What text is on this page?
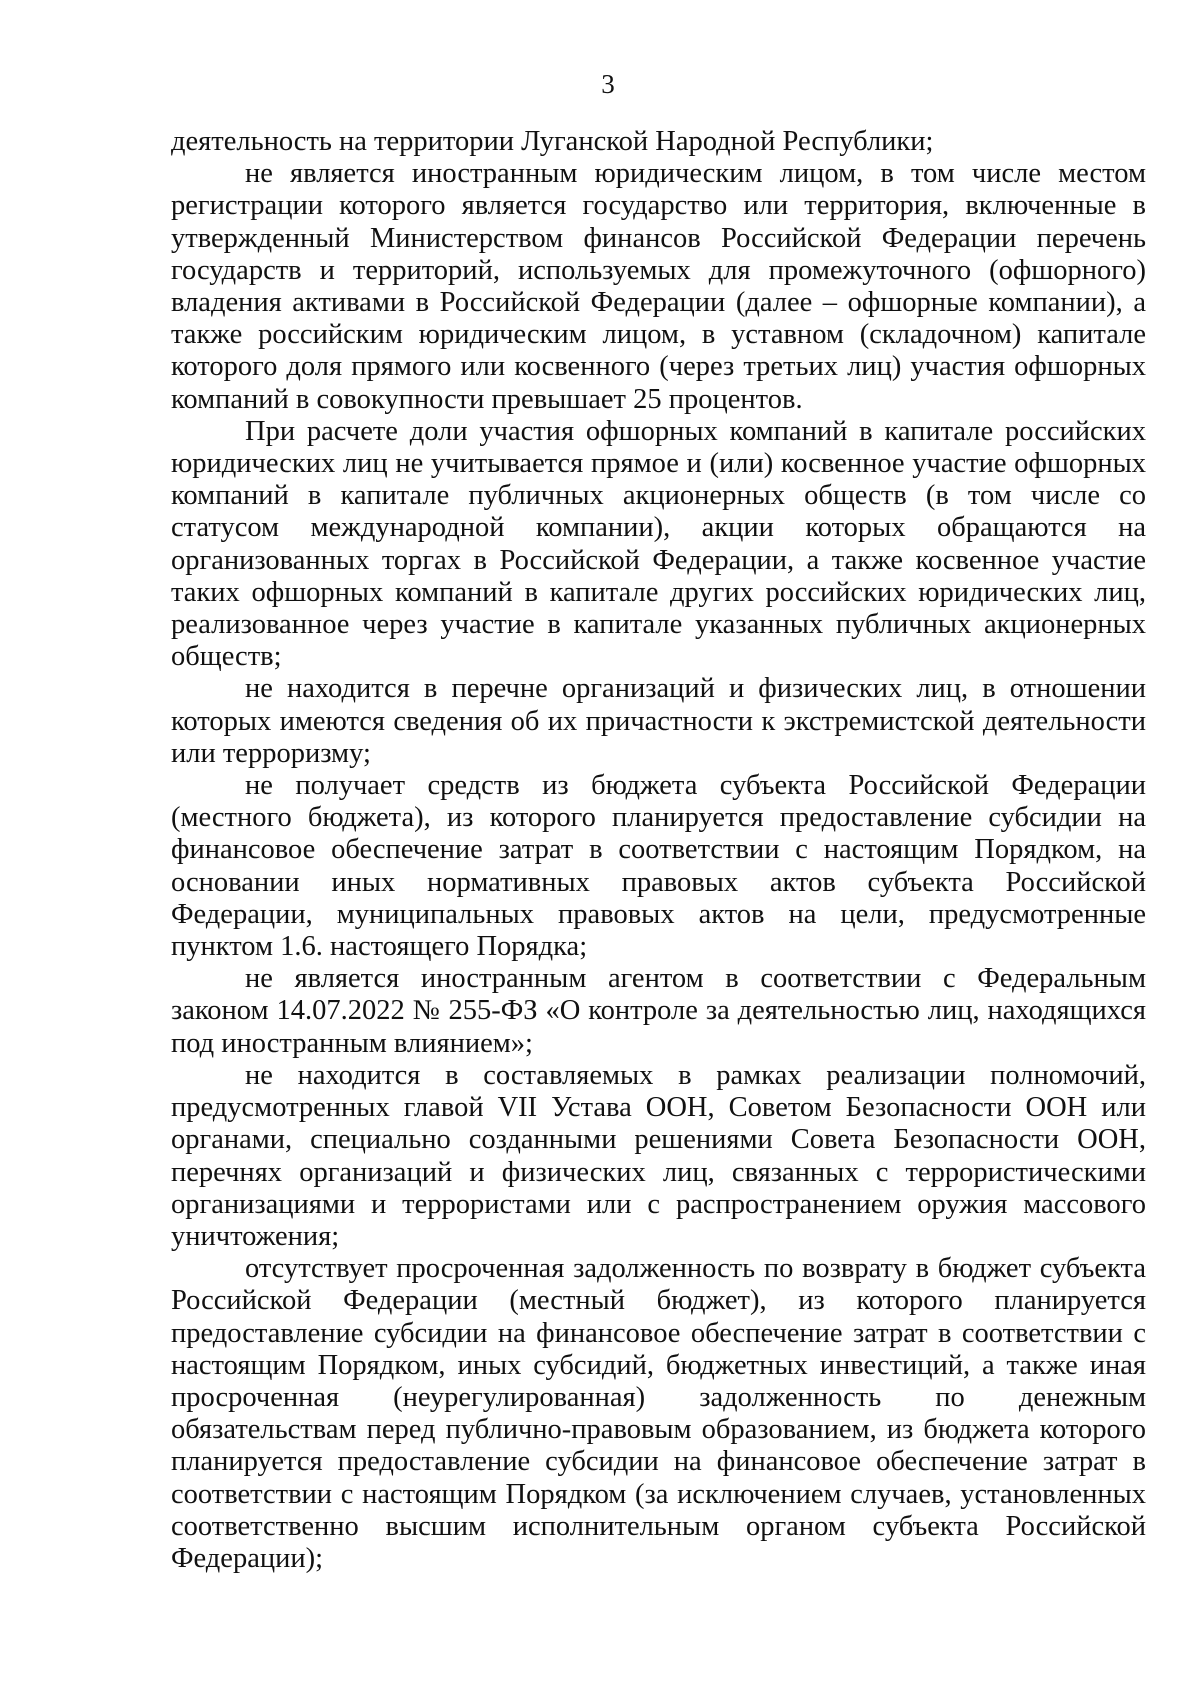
3

деятельность на территории Луганской Народной Республики;

не является иностранным юридическим лицом, в том числе местом регистрации которого является государство или территория, включенные в утвержденный Министерством финансов Российской Федерации перечень государств и территорий, используемых для промежуточного (офшорного) владения активами в Российской Федерации (далее – офшорные компании), а также российским юридическим лицом, в уставном (складочном) капитале которого доля прямого или косвенного (через третьих лиц) участия офшорных компаний в совокупности превышает 25 процентов.

При расчете доли участия офшорных компаний в капитале российских юридических лиц не учитывается прямое и (или) косвенное участие офшорных компаний в капитале публичных акционерных обществ (в том числе со статусом международной компании), акции которых обращаются на организованных торгах в Российской Федерации, а также косвенное участие таких офшорных компаний в капитале других российских юридических лиц, реализованное через участие в капитале указанных публичных акционерных обществ;

не находится в перечне организаций и физических лиц, в отношении которых имеются сведения об их причастности к экстремистской деятельности или терроризму;

не получает средств из бюджета субъекта Российской Федерации (местного бюджета), из которого планируется предоставление субсидии на финансовое обеспечение затрат в соответствии с настоящим Порядком, на основании иных нормативных правовых актов субъекта Российской Федерации, муниципальных правовых актов на цели, предусмотренные пунктом 1.6. настоящего Порядка;

не является иностранным агентом в соответствии с Федеральным законом 14.07.2022 № 255-ФЗ «О контроле за деятельностью лиц, находящихся под иностранным влиянием»;

не находится в составляемых в рамках реализации полномочий, предусмотренных главой VII Устава ООН, Советом Безопасности ООН или органами, специально созданными решениями Совета Безопасности ООН, перечнях организаций и физических лиц, связанных с террористическими организациями и террористами или с распространением оружия массового уничтожения;

отсутствует просроченная задолженность по возврату в бюджет субъекта Российской Федерации (местный бюджет), из которого планируется предоставление субсидии на финансовое обеспечение затрат в соответствии с настоящим Порядком, иных субсидий, бюджетных инвестиций, а также иная просроченная (неурегулированная) задолженность по денежным обязательствам перед публично-правовым образованием, из бюджета которого планируется предоставление субсидии на финансовое обеспечение затрат в соответствии с настоящим Порядком (за исключением случаев, установленных соответственно высшим исполнительным органом субъекта Российской Федерации);
